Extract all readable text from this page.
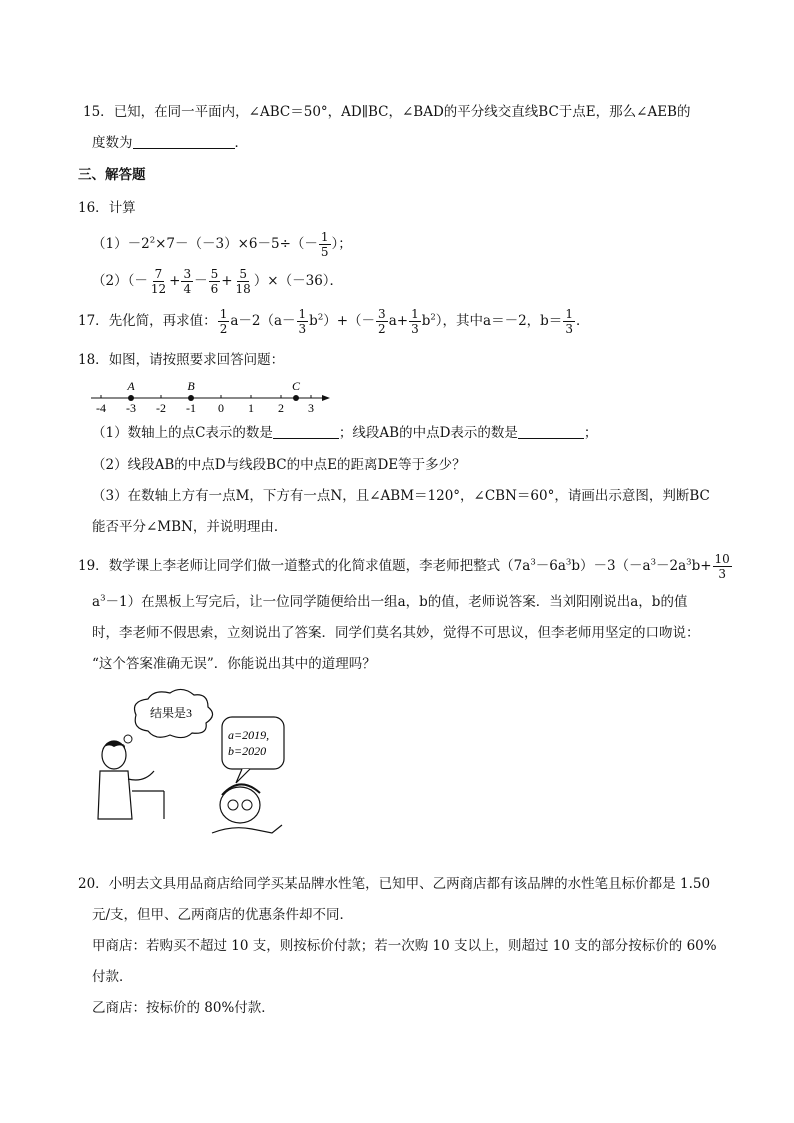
15．已知，在同一平面内，∠ABC＝50°，AD∥BC，∠BAD的平分线交直线BC于点E，那么∠AEB的
度数为	．
三、解答题
16．计算
$(1)-2^2\times 7-(-3)\times 6-5\div(- \frac{1}{5}$ ）；
$(2)(- \frac{7}{12} + \frac{3}{4} - \frac{5}{6} + \frac{5}{18} )\times(-36)$．
17．先化简，再求值： $\frac{1}{2} a-2(a- \frac{1}{3} b^2)+(- \frac{3}{2} a+ \frac{1}{3} b^2)$，其中a＝－2，$b= \frac{1}{3}$ ．
18．如图，请按照要求回答问题：
-4 -3 -2 -1 0 1 2 3
A	B	C
（1）数轴上的点C表示的数是	；线段AB的中点D表示的数是	；
（2）线段AB的中点D与线段BC的中点E的距离DE等于多少？
（3）在数轴上方有一点M，下方有一点N，且∠ABM＝120°，∠CBN＝60°，请画出示意图，判断BC
能否平分∠MBN，并说明理由．
19．数学课上李老师让同学们做一道整式的化简求值题，李老师把整式$(7a^3-6a^3b)-3(-a^3-2a^3b+ \frac{10}{3}$
$a^3-1$）在黑板上写完后，让一位同学随便给出一组a，b的值，老师说答案．当刘阳刚说出a，b的值
时，李老师不假思索，立刻说出了答案．同学们莫名其妙，觉得不可思议，但李老师用坚定的口吻说：
“这个答案准确无误”．你能说出其中的道理吗？
结果是3
a=2019,
b=2020
20．小明去文具用品商店给同学买某品牌水性笔，已知甲、乙两商店都有该品牌的水性笔且标价都是 1.50
元/支，但甲、乙两商店的优惠条件却不同．
甲商店：若购买不超过 10 支，则按标价付款；若一次购 10 支以上，则超过 10 支的部分按标价的 60%
付款．
乙商店：按标价的 80%付款．
